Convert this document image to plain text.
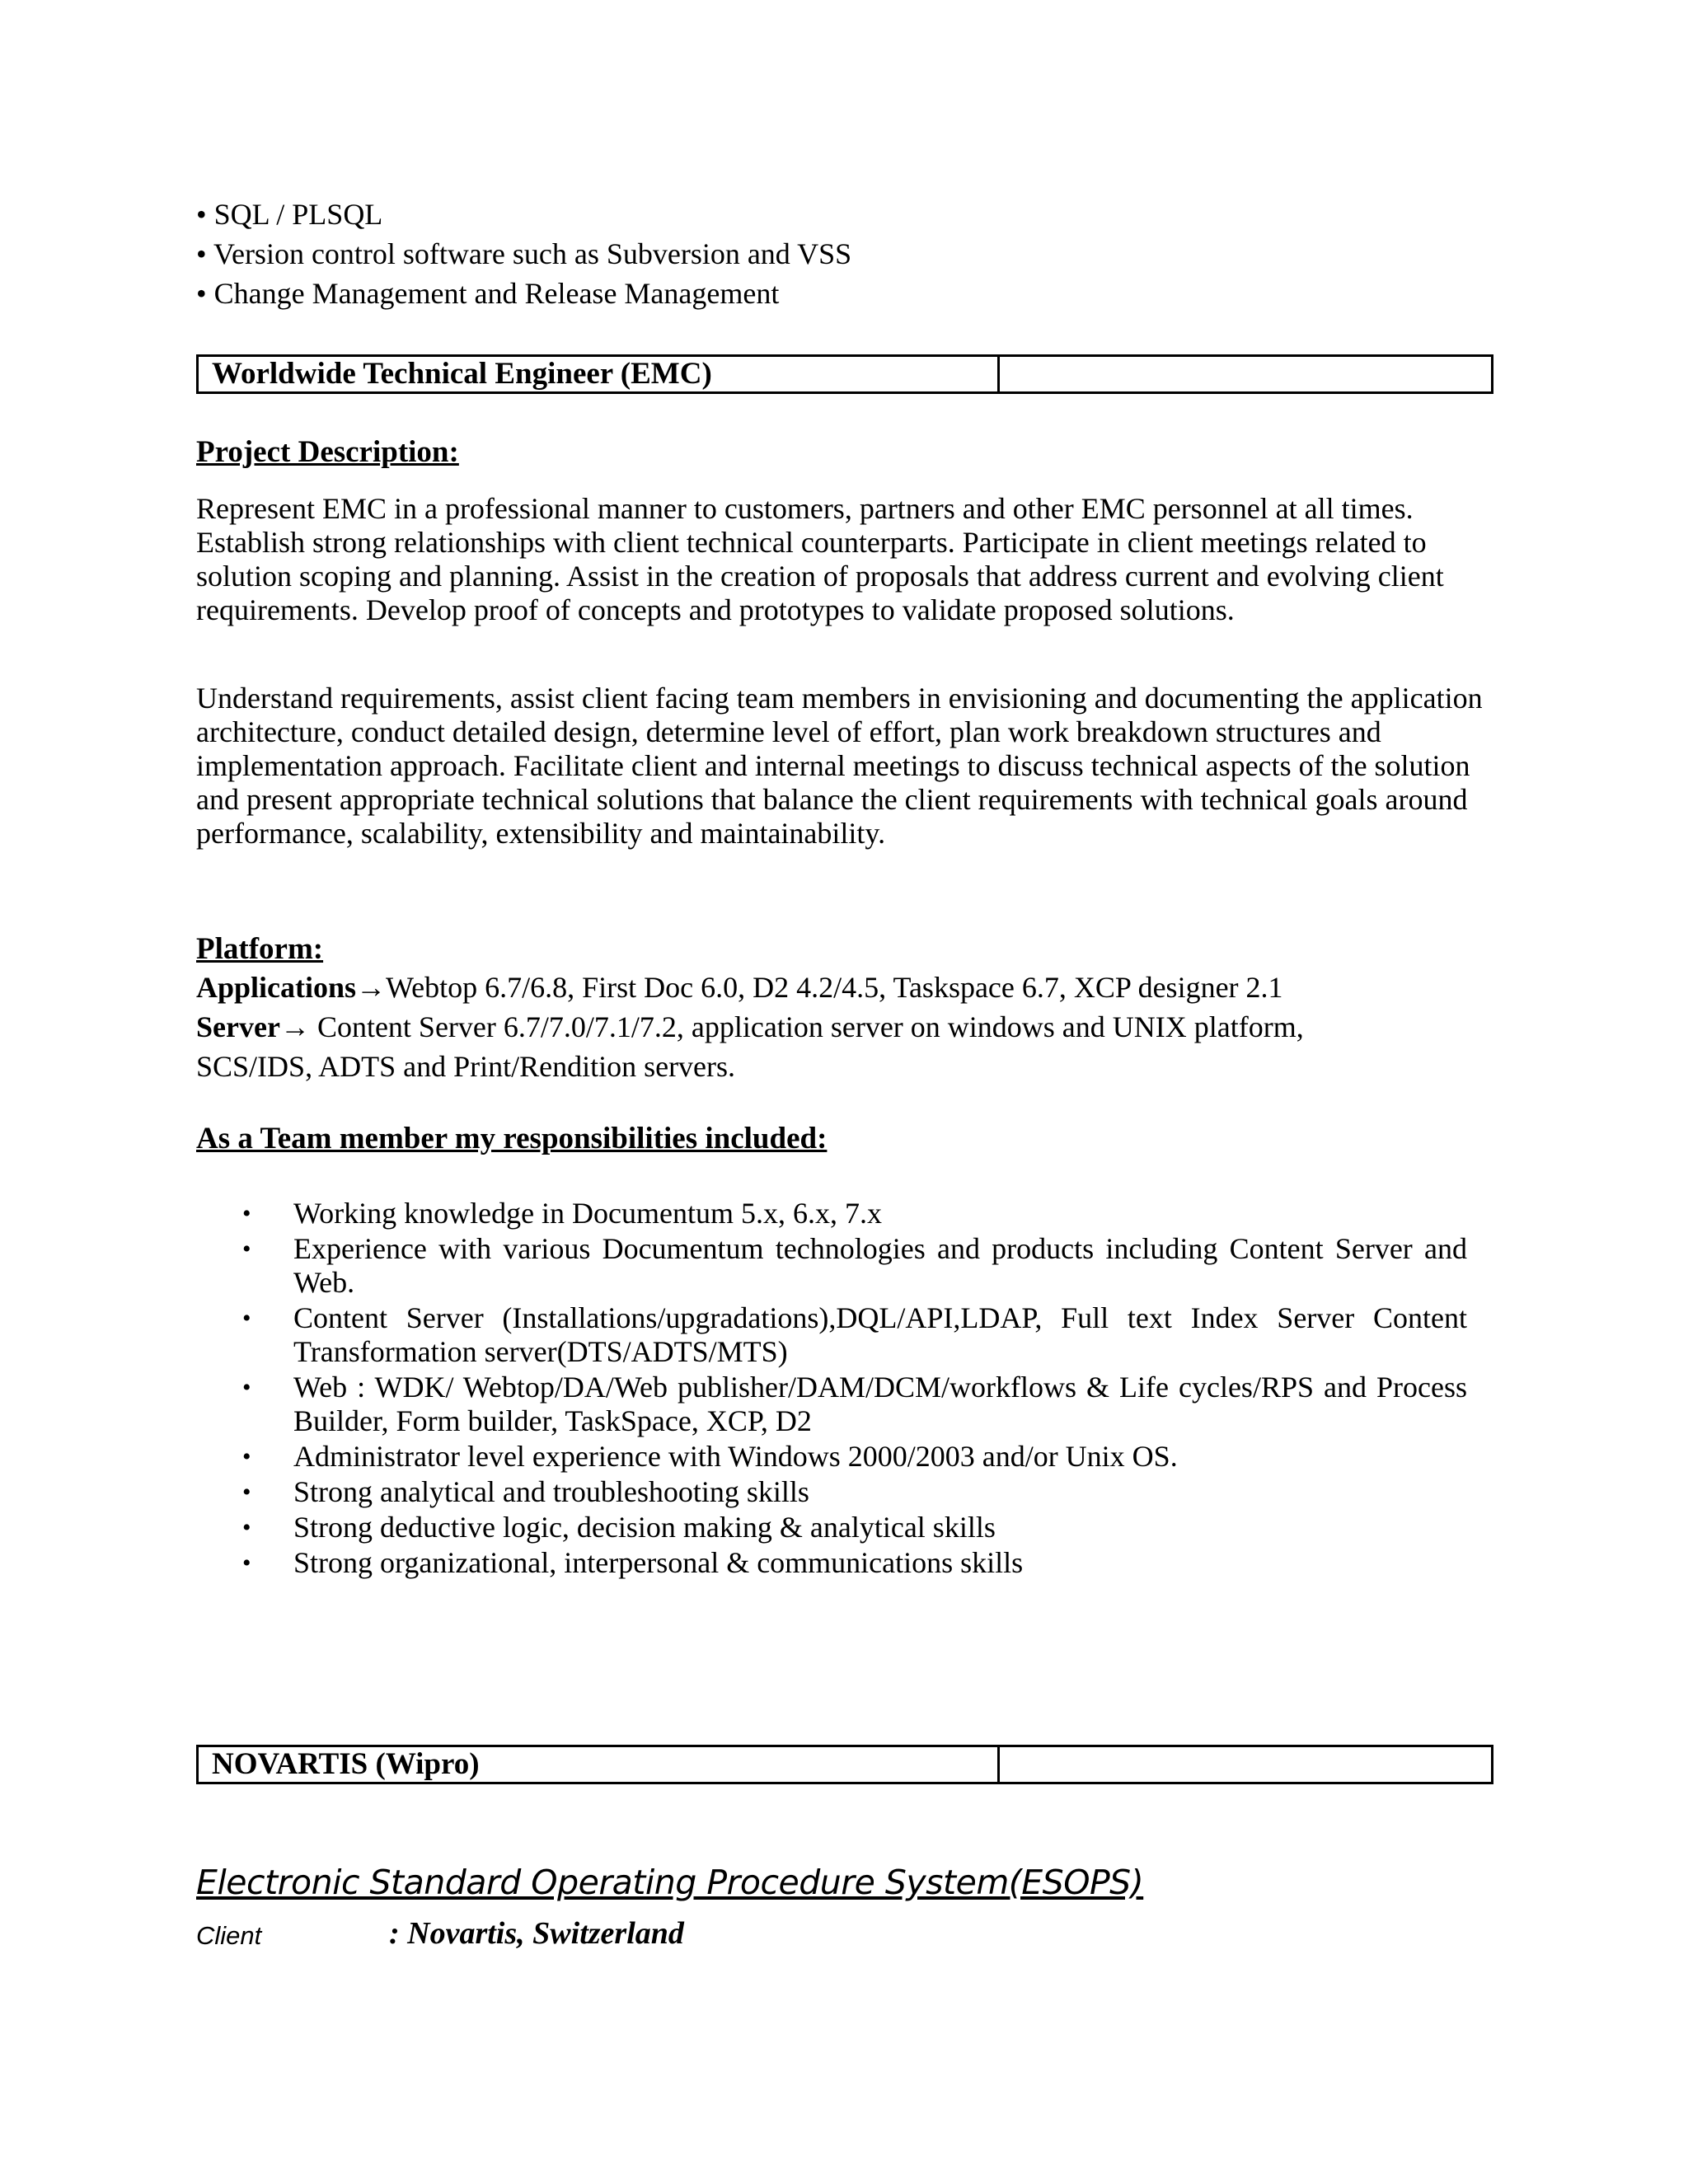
• SQL / PLSQL
• Version control software such as Subversion and VSS
• Change Management and Release Management
Worldwide Technical Engineer (EMC)
Project Description:
Represent EMC in a professional manner to customers, partners and other EMC personnel at all times. Establish strong relationships with client technical counterparts. Participate in client meetings related to solution scoping and planning. Assist in the creation of proposals that address current and evolving client requirements. Develop proof of concepts and prototypes to validate proposed solutions.
Understand requirements, assist client facing team members in envisioning and documenting the application architecture, conduct detailed design, determine level of effort, plan work breakdown structures and implementation approach. Facilitate client and internal meetings to discuss technical aspects of the solution and present appropriate technical solutions that balance the client requirements with technical goals around performance, scalability, extensibility and maintainability.
Platform:
Applications→Webtop 6.7/6.8, First Doc 6.0, D2 4.2/4.5, Taskspace 6.7, XCP designer 2.1
Server→ Content Server 6.7/7.0/7.1/7.2, application server on windows and UNIX platform,
SCS/IDS, ADTS and Print/Rendition servers.
As a Team member my responsibilities included:
• Working knowledge in Documentum 5.x, 6.x, 7.x
• Experience with various Documentum technologies and products including Content Server and Web.
• Content Server (Installations/upgradations),DQL/API,LDAP, Full text Index Server Content Transformation server(DTS/ADTS/MTS)
• Web : WDK/ Webtop/DA/Web publisher/DAM/DCM/workflows & Life cycles/RPS and Process Builder, Form builder, TaskSpace, XCP, D2
• Administrator level experience with Windows 2000/2003 and/or Unix OS.
• Strong analytical and troubleshooting skills
• Strong deductive logic, decision making & analytical skills
• Strong organizational, interpersonal & communications skills
NOVARTIS (Wipro)
Electronic Standard Operating Procedure System(ESOPS)
Client	: Novartis, Switzerland
